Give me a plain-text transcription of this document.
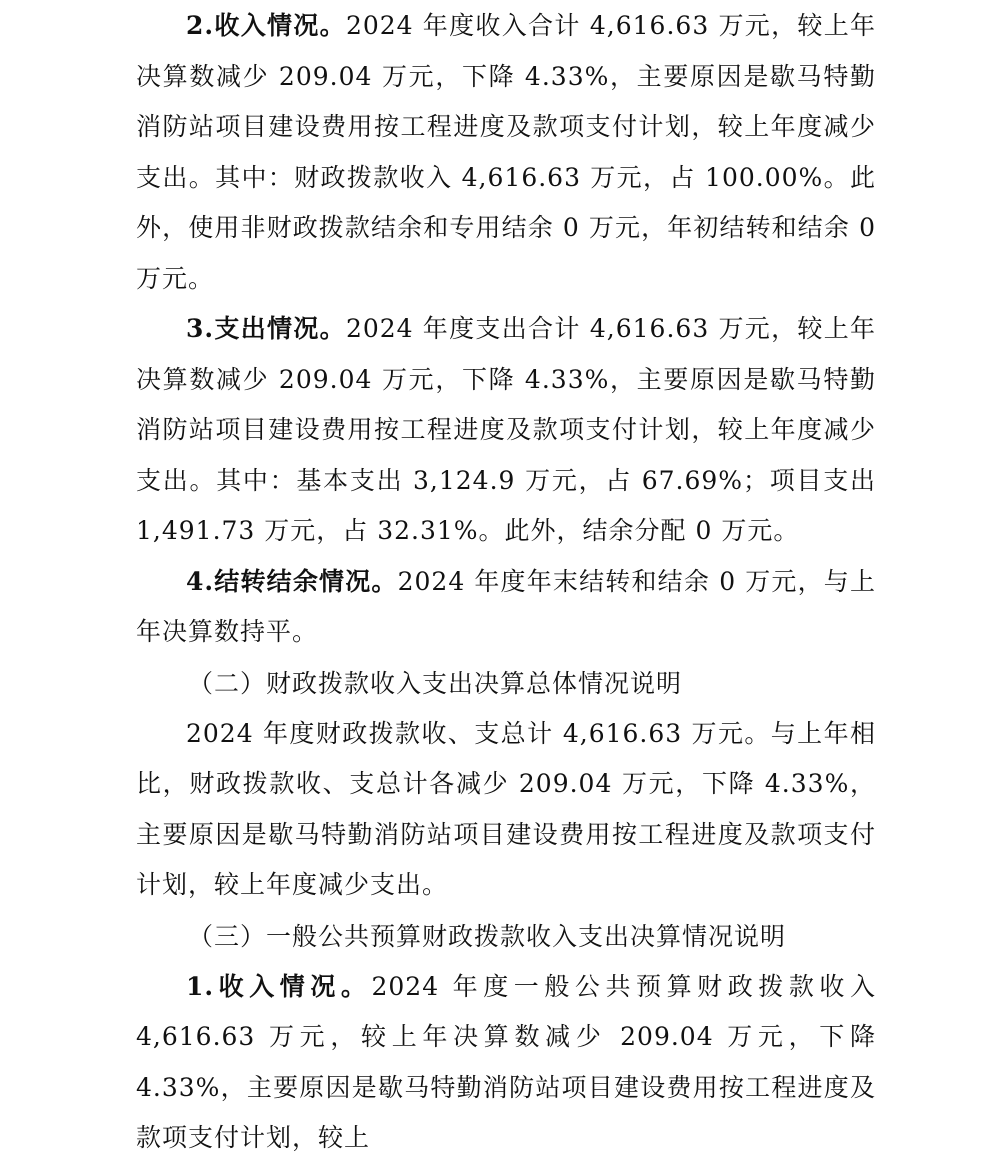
2.收入情况。2024 年度收入合计 4,616.63 万元，较上年决算数减少 209.04 万元，下降 4.33%，主要原因是歇马特勤消防站项目建设费用按工程进度及款项支付计划，较上年度减少支出。其中：财政拨款收入 4,616.63 万元，占 100.00%。此外，使用非财政拨款结余和专用结余 0 万元，年初结转和结余 0 万元。

3.支出情况。2024 年度支出合计 4,616.63 万元，较上年决算数减少 209.04 万元，下降 4.33%，主要原因是歇马特勤消防站项目建设费用按工程进度及款项支付计划，较上年度减少支出。其中：基本支出 3,124.9 万元，占 67.69%；项目支出 1,491.73 万元，占 32.31%。此外，结余分配 0 万元。

4.结转结余情况。2024 年度年末结转和结余 0 万元，与上年决算数持平。

（二）财政拨款收入支出决算总体情况说明

2024 年度财政拨款收、支总计 4,616.63 万元。与上年相比，财政拨款收、支总计各减少 209.04 万元，下降 4.33%，主要原因是歇马特勤消防站项目建设费用按工程进度及款项支付计划，较上年度减少支出。

（三）一般公共预算财政拨款收入支出决算情况说明

1.收入情况。2024 年度一般公共预算财政拨款收入 4,616.63 万元，较上年决算数减少 209.04 万元，下降 4.33%，主要原因是歇马特勤消防站项目建设费用按工程进度及款项支付计划，较上
